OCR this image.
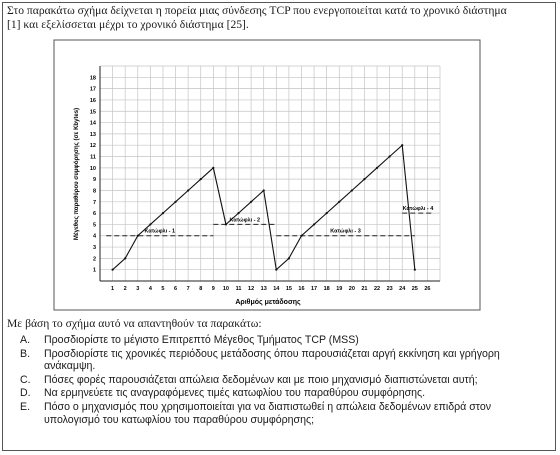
Στο παρακάτω σχήμα δείχνεται η πορεία μιας σύνδεσης TCP που ενεργοποιείται κατά το χρονικό διάστημα
[1] και εξελίσσεται μέχρι το χρονικό διάστημα [25].
Κατώφλι - 1
Κατώφλι - 2
Κατώφλι - 3
Κατώφλι - 4
1 2 3 4 5 6 7 8 9 10 11 12 13 14 15 16 17 18 19 20 21 22 23 24 25 26
1
2
3
4
5
6
7
8
9
10
11
12
13
14
15
16
17
18
Αριθμός μετάδοσης
Μέγεθος παραθύρου συμφόρησης (σε Kbytes)
Με βάση το σχήμα αυτό να απαντηθούν τα παρακάτω:
A.	Προσδιορίστε το μέγιστο Επιτρεπτό Μέγεθος Τμήματος TCP (MSS)
B.	Προσδιορίστε τις χρονικές περιόδους μετάδοσης όπου παρουσιάζεται αργή εκκίνηση και γρήγορη ανάκαμψη.
C.	Πόσες φορές παρουσιάζεται απώλεια δεδομένων και με ποιο μηχανισμό διαπιστώνεται αυτή;
D.	Να ερμηνεύετε τις αναγραφόμενες τιμές κατωφλίου του παραθύρου συμφόρησης.
E.	Πόσο ο μηχανισμός που χρησιμοποιείται για να διαπιστωθεί η απώλεια δεδομένων επιδρά στον υπολογισμό του κατωφλίου του παραθύρου συμφόρησης;
